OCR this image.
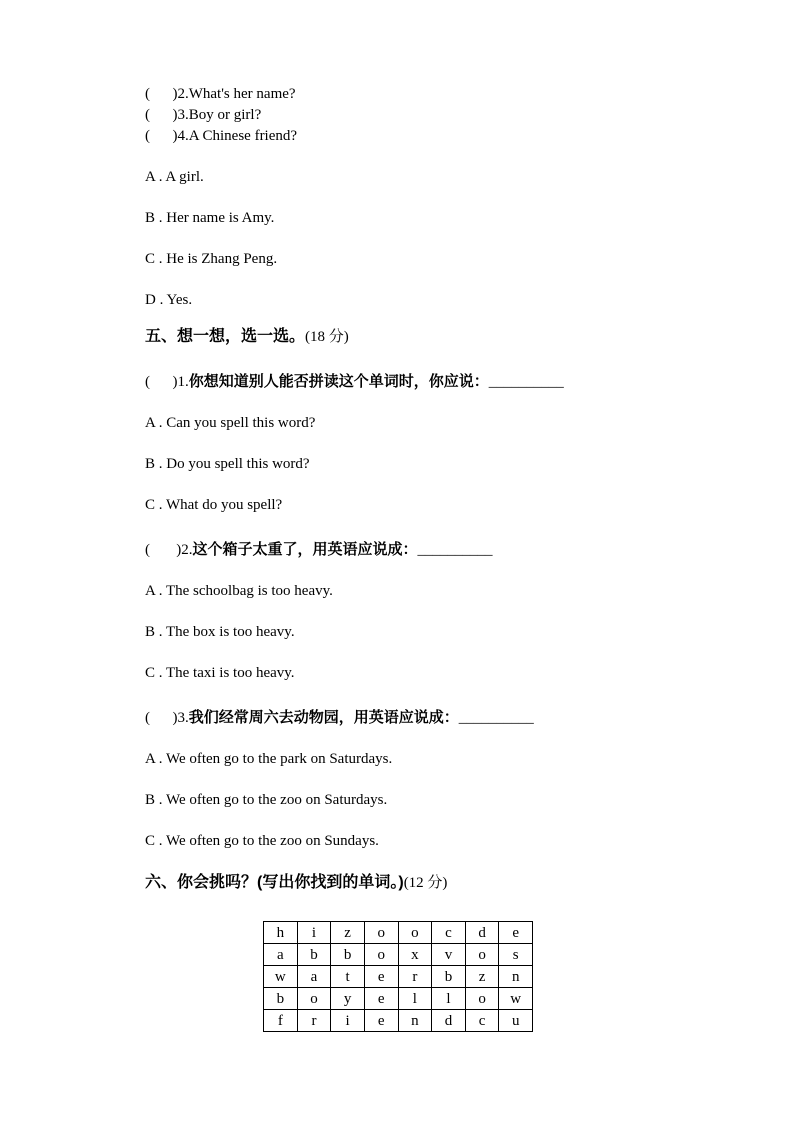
(      )2.What's her name?
(      )3.Boy or girl?
(      )4.A Chinese friend?
A . A girl.
B . Her name is Amy.
C . He is Zhang Peng.
D . Yes.
五、想一想，选一选。(18 分)
(      )1.你想知道别人能否拼读这个单词时，你应说：__________
A . Can you spell this word?
B . Do you spell this word?
C . What do you spell?
(       )2.这个箱子太重了，用英语应说成：__________
A . The schoolbag is too heavy.
B . The box is too heavy.
C . The taxi is too heavy.
(      )3.我们经常周六去动物园，用英语应说成：__________
A . We often go to the park on Saturdays.
B . We often go to the zoo on Saturdays.
C . We often go to the zoo on Sundays.
六、你会挑吗？(写出你找到的单词。)(12 分)
h	i	z	o	o	c	d	e
a	b	b	o	x	v	o	s
w	a	t	e	r	b	z	n
b	o	y	e	l	l	o	w
f	r	i	e	n	d	c	u
